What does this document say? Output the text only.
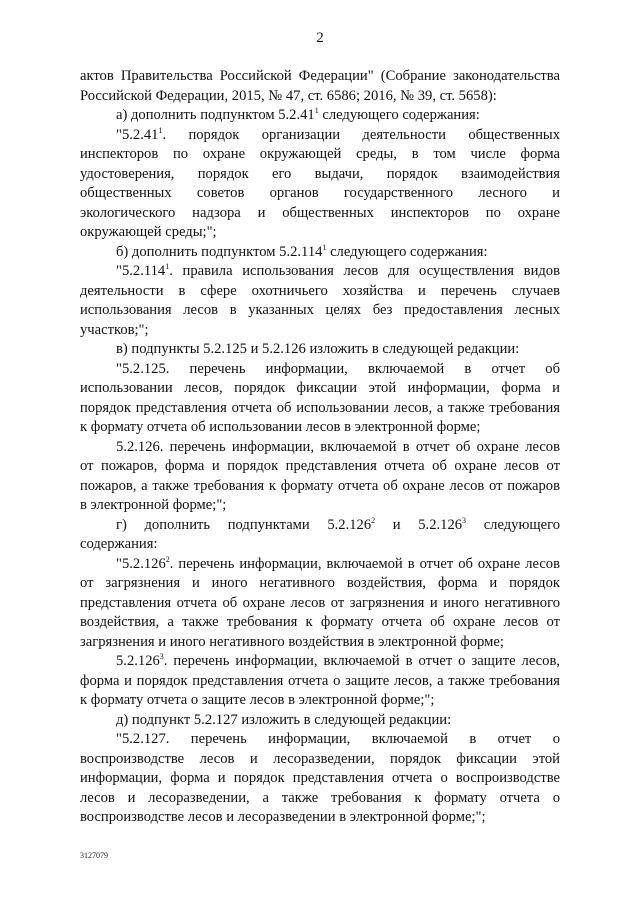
2
актов Правительства Российской Федерации" (Собрание законодательства
Российской Федерации, 2015, № 47, ст. 6586; 2016, № 39, ст. 5658):
а) дополнить подпунктом 5.2.41$^1$ следующего содержания:
"5.2.41$^1$. порядок организации деятельности общественных
инспекторов по охране окружающей среды, в том числе форма
удостоверения, порядок его выдачи, порядок взаимодействия
общественных советов органов государственного лесного и
экологического надзора и общественных инспекторов по охране
окружающей среды;";
б) дополнить подпунктом 5.2.114$^1$ следующего содержания:
"5.2.114$^1$. правила использования лесов для осуществления видов
деятельности в сфере охотничьего хозяйства и перечень случаев
использования лесов в указанных целях без предоставления лесных
участков;";
в) подпункты 5.2.125 и 5.2.126 изложить в следующей редакции:
"5.2.125. перечень информации, включаемой в отчет об
использовании лесов, порядок фиксации этой информации, форма и
порядок представления отчета об использовании лесов, а также требования
к формату отчета об использовании лесов в электронной форме;
5.2.126. перечень информации, включаемой в отчет об охране лесов
от пожаров, форма и порядок представления отчета об охране лесов от
пожаров, а также требования к формату отчета об охране лесов от пожаров
в электронной форме;";
г) дополнить подпунктами 5.2.126$^2$ и 5.2.126$^3$ следующего
содержания:
"5.2.126$^2$. перечень информации, включаемой в отчет об охране лесов
от загрязнения и иного негативного воздействия, форма и порядок
представления отчета об охране лесов от загрязнения и иного негативного
воздействия, а также требования к формату отчета об охране лесов от
загрязнения и иного негативного воздействия в электронной форме;
5.2.126$^3$. перечень информации, включаемой в отчет о защите лесов,
форма и порядок представления отчета о защите лесов, а также требования
к формату отчета о защите лесов в электронной форме;";
д) подпункт 5.2.127 изложить в следующей редакции:
"5.2.127. перечень информации, включаемой в отчет о
воспроизводстве лесов и лесоразведении, порядок фиксации этой
информации, форма и порядок представления отчета о воспроизводстве
лесов и лесоразведении, а также требования к формату отчета о
воспроизводстве лесов и лесоразведении в электронной форме;";
3127079
